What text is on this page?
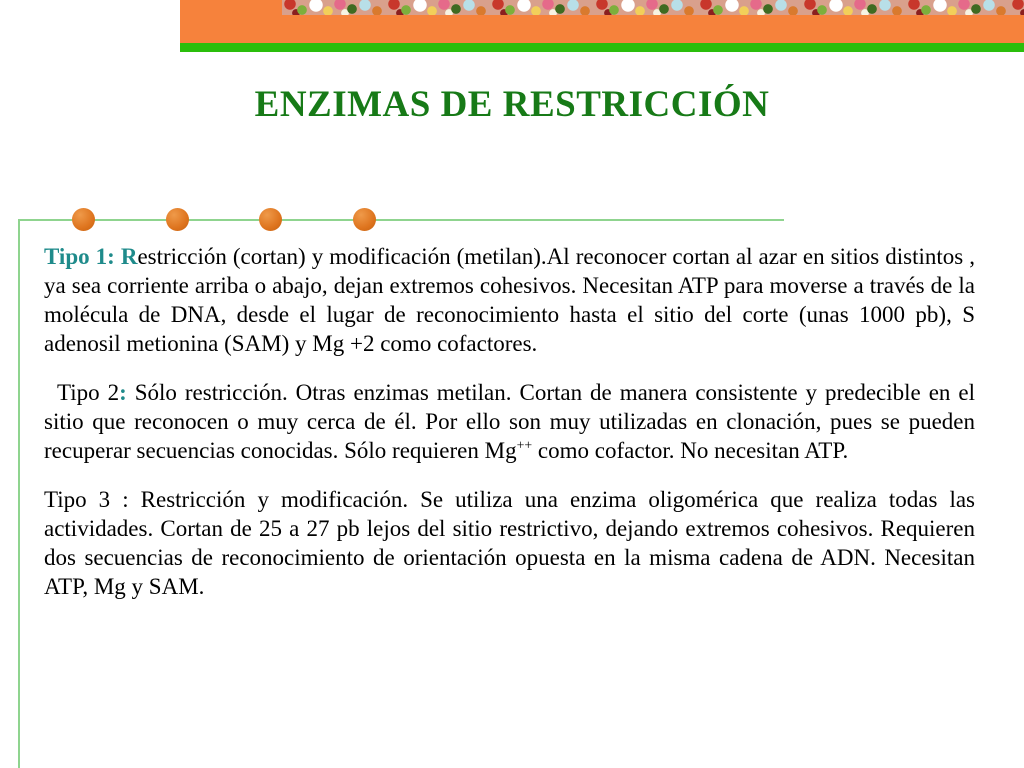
ENZIMAS DE RESTRICCIÓN

Tipo 1: Restricción (cortan) y modificación (metilan).Al reconocer cortan al azar en sitios distintos , ya sea corriente arriba o abajo, dejan extremos cohesivos. Necesitan ATP para moverse a través de la molécula de DNA, desde el lugar de reconocimiento hasta el sitio del corte (unas 1000 pb), S adenosil metionina (SAM) y Mg +2 como cofactores.

Tipo 2: Sólo restricción. Otras enzimas metilan. Cortan de manera consistente y predecible en el sitio que reconocen o muy cerca de él. Por ello son muy utilizadas en clonación, pues se pueden recuperar secuencias conocidas. Sólo requieren Mg++ como cofactor. No necesitan ATP.

Tipo 3 : Restricción y modificación. Se utiliza una enzima oligomérica que realiza todas las actividades. Cortan de 25 a 27 pb lejos del sitio restrictivo, dejando extremos cohesivos. Requieren dos secuencias de reconocimiento de orientación opuesta en la misma cadena de ADN. Necesitan ATP, Mg y SAM.
